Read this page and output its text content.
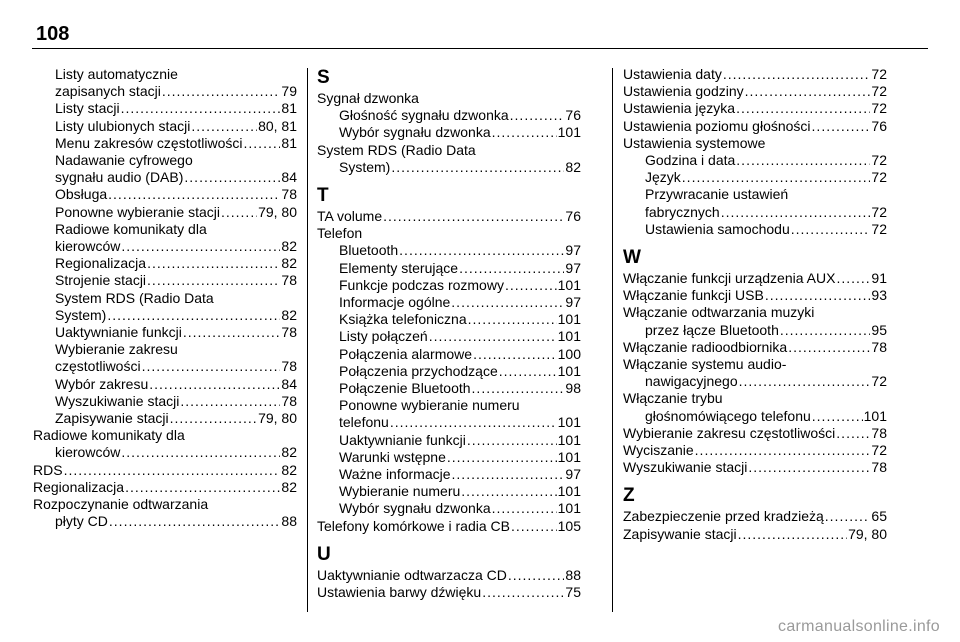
108
Listy automatycznie
zapisanych stacji .....	79
Listy stacji .....	81
Listy ulubionych stacji .....	80, 81
Menu zakresów częstotliwości .....	81
Nadawanie cyfrowego
sygnału audio (DAB) .....	84
Obsługa .....	78
Ponowne wybieranie stacji .....	79, 80
Radiowe komunikaty dla
kierowców .....	82
Regionalizacja .....	82
Strojenie stacji .....	78
System RDS (Radio Data
System) .....	82
Uaktywnianie funkcji .....	78
Wybieranie zakresu
częstotliwości .....	78
Wybór zakresu .....	84
Wyszukiwanie stacji .....	78
Zapisywanie stacji .....	79, 80
Radiowe komunikaty dla
kierowców .....	82
RDS .....	82
Regionalizacja .....	82
Rozpoczynanie odtwarzania
płyty CD .....	88
S
Sygnał dzwonka
Głośność sygnału dzwonka .....	76
Wybór sygnału dzwonka .....	101
System RDS (Radio Data
System) .....	82
T
TA volume .....	76
Telefon
Bluetooth .....	97
Elementy sterujące .....	97
Funkcje podczas rozmowy .....	101
Informacje ogólne .....	97
Książka telefoniczna .....	101
Listy połączeń .....	101
Połączenia alarmowe .....	100
Połączenia przychodzące .....	101
Połączenie Bluetooth .....	98
Ponowne wybieranie numeru
telefonu .....	101
Uaktywnianie funkcji .....	101
Warunki wstępne .....	101
Ważne informacje .....	97
Wybieranie numeru .....	101
Wybór sygnału dzwonka .....	101
Telefony komórkowe i radia CB .....	105
U
Uaktywnianie odtwarzacza CD .....	88
Ustawienia barwy dźwięku .....	75
Ustawienia daty .....	72
Ustawienia godziny .....	72
Ustawienia języka .....	72
Ustawienia poziomu głośności .....	76
Ustawienia systemowe
Godzina i data .....	72
Język .....	72
Przywracanie ustawień
fabrycznych .....	72
Ustawienia samochodu .....	72
W
Włączanie funkcji urządzenia AUX .....	91
Włączanie funkcji USB .....	93
Włączanie odtwarzania muzyki
przez łącze Bluetooth .....	95
Włączanie radioodbiornika .....	78
Włączanie systemu audio-
nawigacyjnego .....	72
Włączanie trybu
głośnomówiącego telefonu .....	101
Wybieranie zakresu częstotliwości .....	78
Wyciszanie .....	72
Wyszukiwanie stacji .....	78
Z
Zabezpieczenie przed kradzieżą .....	65
Zapisywanie stacji .....	79, 80
carmanualsonline.info
